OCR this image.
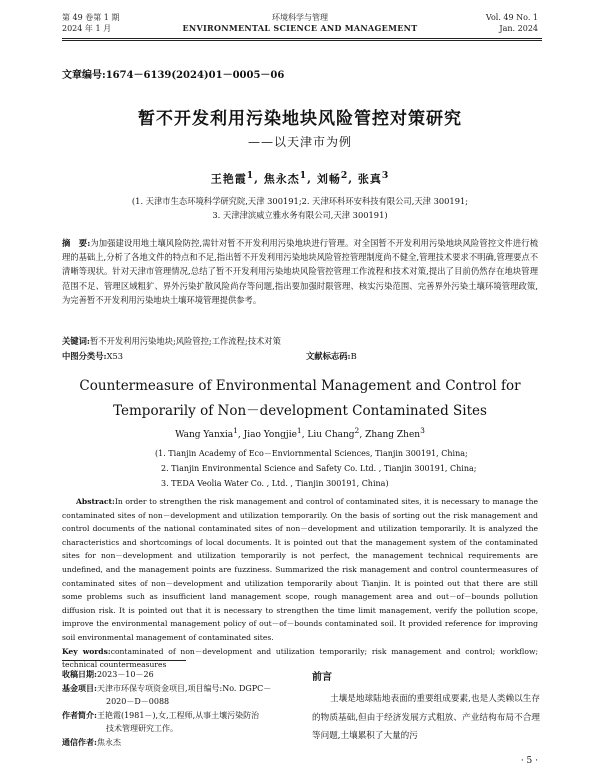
第 49 卷第 1 期
2024 年 1 月
环境科学与管理
ENVIRONMENTAL SCIENCE AND MANAGEMENT
Vol. 49 No. 1
Jan. 2024
文章编号:1674－6139(2024)01－0005－06
暂不开发利用污染地块风险管控对策研究
——以天津市为例
王艳霞$^1$, 焦永杰$^1$, 刘畅$^2$, 张真$^3$
(1. 天津市生态环境科学研究院,天津 300191;2. 天津环科环安科技有限公司,天津 300191;
3. 天津津滨威立雅水务有限公司,天津 300191)
摘　要:为加强建设用地土壤风险防控,需针对暂不开发利用污染地块进行管理。对全国暂不开发利用污染地块风险管控文件进行梳理的基础上,分析了各地文件的特点和不足,指出暂不开发利用污染地块风险管控管理制度尚不健全,管理技术要求不明确,管理要点不清晰等现状。针对天津市管理情况,总结了暂不开发利用污染地块风险管控管理工作流程和技术对策,提出了目前仍然存在地块管理范围不足、管理区域粗犷、界外污染扩散风险尚存等问题,指出要加强时限管理、核实污染范围、完善界外污染土壤环境管理政策,为完善暂不开发利用污染地块土壤环境管理提供参考。
关键词:暂不开发利用污染地块;风险管控;工作流程;技术对策
中图分类号:X53	文献标志码:B
Countermeasure of Environmental Management and Control for
Temporarily of Non－development Contaminated Sites
Wang Yanxia$^1$, Jiao Yongjie$^1$, Liu Chang$^2$, Zhang Zhen$^3$
(1. Tianjin Academy of Eco－Enviornmental Sciences, Tianjin 300191, China;
2. Tianjin Environmental Science and Safety Co. Ltd. , Tianjin 300191, China;
3. TEDA Veolia Water Co. , Ltd. , Tianjin 300191, China)
Abstract:In order to strengthen the risk management and control of contaminated sites, it is necessary to manage the contaminated sites of non－development and utilization temporarily. On the basis of sorting out the risk management and control documents of the national contaminated sites of non－development and utilization temporarily. It is analyzed the characteristics and shortcomings of local documents. It is pointed out that the management system of the contaminated sites for non－development and utilization temporarily is not perfect, the management technical requirements are undefined, and the management points are fuzziness. Summarized the risk management and control countermeasures of contaminated sites of non－development and utilization temporarily about Tianjin. It is pointed out that there are still some problems such as insufficient land management scope, rough management area and out－of－bounds pollution diffusion risk. It is pointed out that it is necessary to strengthen the time limit management, verify the pollution scope, improve the environmental management policy of out－of－bounds contaminated soil. It provided reference for improving soil environmental management of contaminated sites.
Key words:contaminated of non－development and utilization temporarily; risk management and control; workflow; technical countermeasures
收稿日期:2023－10－26
基金项目:天津市环保专项资金项目,项目编号:No. DGPC－
2020－D－0088
作者简介:王艳霞(1981－),女,工程师,从事土壤污染防治
技术管理研究工作。
通信作者:焦永杰
前言
土壤是地球陆地表面的重要组成要素,也是人类赖以生存的物质基础,但由于经济发展方式粗放、产业结构布局不合理等问题,土壤累积了大量的污
· 5 ·
